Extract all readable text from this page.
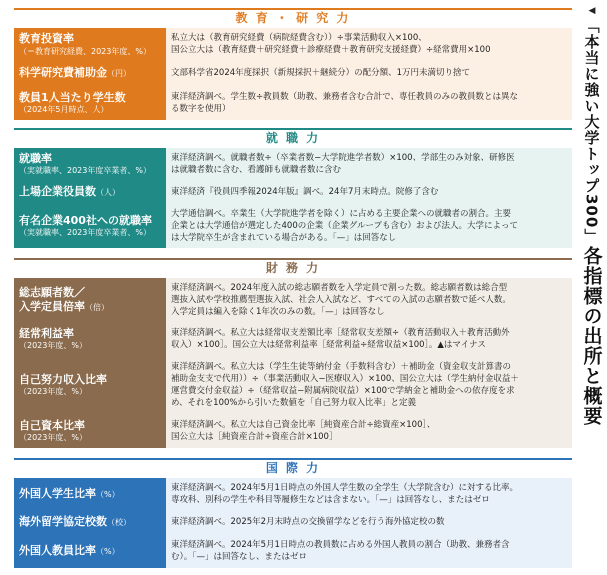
教 育 ・ 研 究 力
教育投資率
（＝教育研究経費、2023年度、%）
私立大は（教育研究経費（病院経費含む））÷事業活動収入×100、
国公立大は（教育経費＋研究経費＋診療経費＋教育研究支援経費）÷経常費用×100
科学研究費補助金（円）	文部科学省2024年度採択（新規採択＋継続分）の配分額、1万円未満切り捨て
教員1人当たり学生数
（2024年5月時点、人）
東洋経済調べ。学生数÷教員数（助教、兼務者含む合計で、専任教員のみの教員数とは異な
る数字を使用）
就 職 力
就職率
（実就職率、2023年度卒業者、%）
東洋経済調べ。就職者数÷（卒業者数−大学院進学者数）×100、学部生のみ対象、研修医
は就職者数に含む、看護師も就職者数に含む
上場企業役員数（人）	東洋経済『役員四季報2024年版』調べ。24年7月末時点。院修了含む
有名企業400社への就職率
（実就職率、2023年度卒業者、%）
大学通信調べ。卒業生（大学院進学者を除く）に占める主要企業への就職者の割合。主要
企業とは大学通信が選定した400の企業（企業グループも含む）および法人。大学によって
は大学院卒生が含まれている場合がある。「—」は回答なし
財 務 力
総志願者数／
入学定員倍率（倍）
東洋経済調べ。2024年度入試の総志願者数を入学定員で割った数。総志願者数は総合型
選抜入試や学校推薦型選抜入試、社会人入試など、すべての入試の志願者数で延べ人数。
入学定員は編入を除く1年次のみの数。「—」は回答なし
経常利益率
（2023年度、%）
東洋経済調べ。私立大は経常収支差額比率［経常収支差額÷（教育活動収入＋教育活動外
収入）×100］。国公立大は経常利益率［経常利益÷経常収益×100］。▲はマイナス
自己努力収入比率
（2023年度、%）
東洋経済調べ。私立大は（学生生徒等納付金（手数料含む）＋補助金（資金収支計算書の
補助金支支で代用））÷（事業活動収入−医療収入）×100、国公立大は（学生納付金収益＋
運営費交付金収益）÷（経常収益−附属病院収益）×100で学納金と補助金への依存度を求
め、それを100%から引いた数値を「自己努力収入比率」と定義
自己資本比率
（2023年度、%）
東洋経済調べ。私立大は自己資金比率［純資産合計÷総資産×100］、
国公立大は［純資産合計÷資産合計×100］
国 際 力
外国人学生比率（%）
東洋経済調べ。2024年5月1日時点の外国人学生数の全学生（大学院含む）に対する比率。
専攻科、別科の学生や科目等履修生などは含まない。「—」は回答なし、またはゼロ
海外留学協定校数（校）	東洋経済調べ。2025年2月末時点の交換留学などを行う海外協定校の数
外国人教員比率（%）
東洋経済調べ。2024年5月1日時点の教員数に占める外国人教員の割合（助教、兼務者含
む）。「—」は回答なし、またはゼロ
◀
「本当に強い大学トップ300」
各指標の出所と概要
